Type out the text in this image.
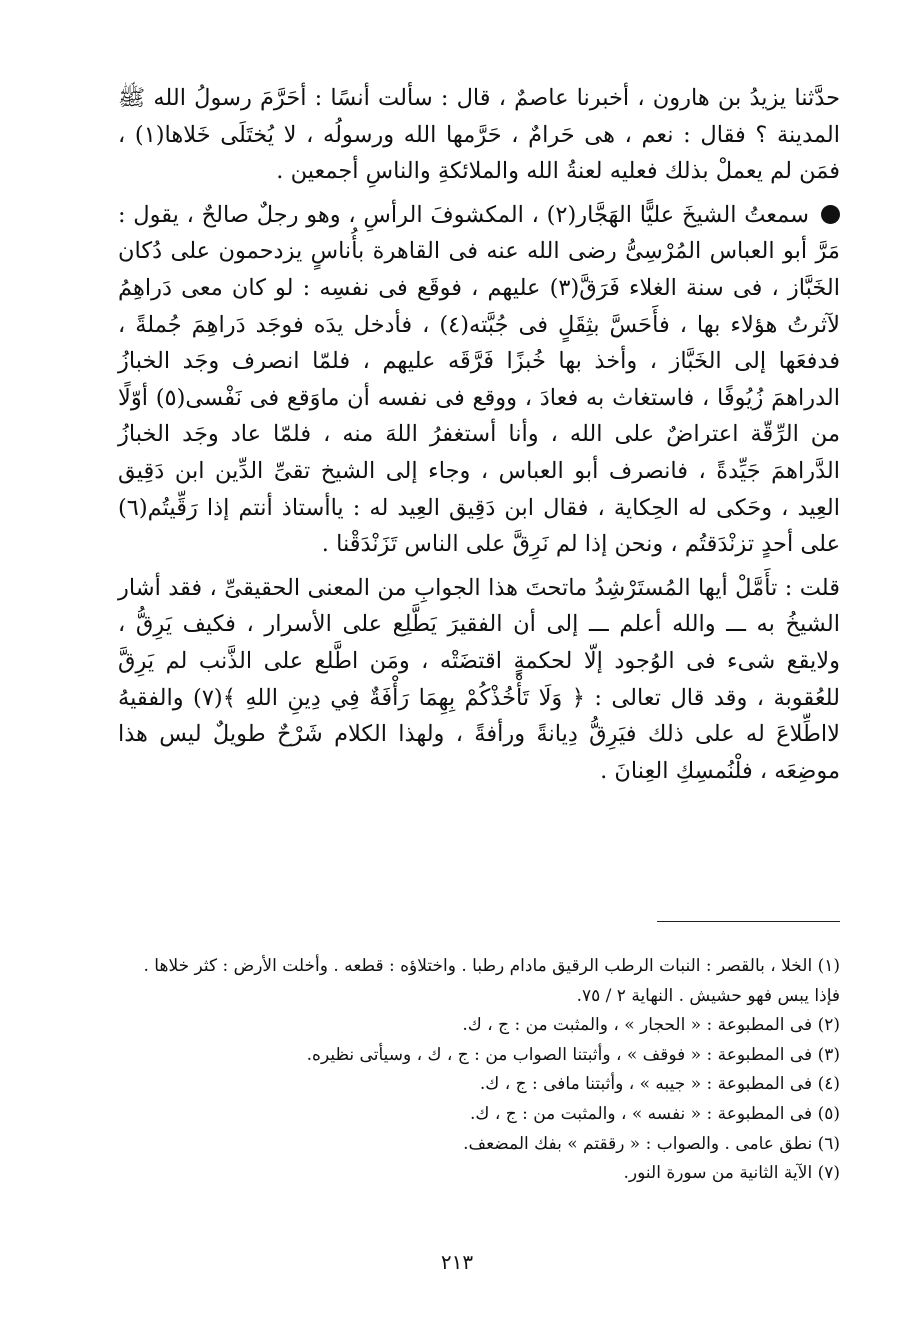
حدَّثنا يزيدُ بن هارون ، أخبرنا عاصمٌ ، قال : سألت أنسًا : أحَرَّمَ رسولُ الله ﷺ المدينة ؟ فقال : نعم ، هى حَرامٌ ، حَرَّمها الله ورسولُه ، لا يُختَلَى خَلاها(١) ، فمَن لم يعملْ بذلك فعليه لعنةُ الله والملائكةِ والناسِ أجمعين .

سمعتُ الشيخَ عليًّا الهَجَّار(٢) ، المكشوفَ الرأسِ ، وهو رجلٌ صالحٌ ، يقول : مَرَّ أبو العباس المُرْسِىُّ رضى الله عنه فى القاهرة بأُناسٍ يزدحمون على دُكان الخَبَّاز ، فى سنة الغلاء فَرَقَّ(٣) عليهم ، فوقَع فى نفسِه : لو كان معى دَراهِمُ لآثرتُ هؤلاء بها ، فأَحَسَّ بثِقَلٍ فى جُبَّته(٤) ، فأدخل يدَه فوجَد دَراهِمَ جُملةً ، فدفعَها إلى الخَبَّاز ، وأخذ بها خُبزًا فَرَّقَه عليهم ، فلمّا انصرف وجَد الخبازُ الدراهمَ زُيُوفًا ، فاستغاث به فعادَ ، ووقع فى نفسه أن ماوَقع فى نَفْسى(٥) أوّلًا من الرِّقّة اعتراضٌ على الله ، وأنا أستغفرُ اللهَ منه ، فلمّا عاد وجَد الخبازُ الدَّراهمَ جَيِّدةً ، فانصرف أبو العباس ، وجاء إلى الشيخ تقىِّ الدِّين ابن دَقِيق العِيد ، وحَكى له الحِكاية ، فقال ابن دَقِيق العِيد له : ياأستاذ أنتم إذا رَقِّيتُم(٦) على أحدٍ تزنْدَقتُم ، ونحن إذا لم نَرِقَّ على الناس تَزَنْدَقْنا .

قلت : تأَمَّلْ أيها المُستَرْشِدُ ماتحتَ هذا الجوابِ من المعنى الحقيقىِّ ، فقد أشار الشيخُ به ـــ والله أعلم ـــ إلى أن الفقيرَ يَطَّلِع على الأسرار ، فكيف يَرِقُّ ، ولايقع شىء فى الوُجود إلّا لحكمةٍ اقتضَتْه ، ومَن اطَّلع على الذَّنب لم يَرِقَّ للعُقوبة ، وقد قال تعالى : ﴿ وَلَا تَأْخُذْكُمْ بِهِمَا رَأْفَةٌ فِي دِينِ اللهِ ﴾(٧) والفقيهُ لااطِّلاعَ له على ذلك فيَرِقُّ دِيانةً ورأفةً ، ولهذا الكلام شَرْحٌ طويلٌ ليس هذا موضِعَه ، فلْنُمسِكِ العِنانَ .

(١) الخلا ، بالقصر : النبات الرطب الرقيق مادام رطبا . واختلاؤه : قطعه . وأخلت الأرض : كثر خلاها . فإذا يبس فهو حشيش . النهاية ٢ / ٧٥.

(٢) فى المطبوعة : « الحجار » ، والمثبت من : ج ، ك.

(٣) فى المطبوعة : « فوقف » ، وأثبتنا الصواب من : ج ، ك ، وسيأتى نظيره.

(٤) فى المطبوعة : « جيبه » ، وأثبتنا مافى : ج ، ك.

(٥) فى المطبوعة : « نفسه » ، والمثبت من : ج ، ك.

(٦) نطق عامى . والصواب : « رققتم » بفك المضعف.

(٧) الآية الثانية من سورة النور.

٢١٣
